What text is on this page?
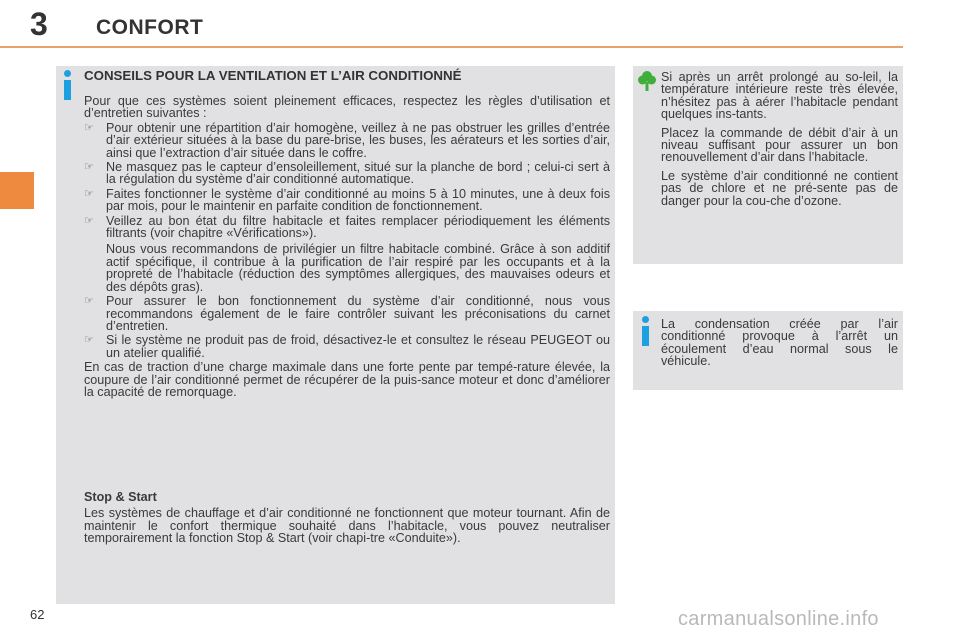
3 CONFORT
CONSEILS POUR LA VENTILATION ET L’AIR CONDITIONNÉ

Pour que ces systèmes soient pleinement efficaces, respectez les règles d’utilisation et d’entretien suivantes :

☞ Pour obtenir une répartition d’air homogène, veillez à ne pas obstruer les grilles d’entrée d’air extérieur situées à la base du pare-brise, les buses, les aérateurs et les sorties d’air, ainsi que l’extraction d’air située dans le coffre.
☞ Ne masquez pas le capteur d’ensoleillement, situé sur la planche de bord ; celui-ci sert à la régulation du système d’air conditionné automatique.
☞ Faites fonctionner le système d’air conditionné au moins 5 à 10 minutes, une à deux fois par mois, pour le maintenir en parfaite condition de fonctionnement.
☞ Veillez au bon état du filtre habitacle et faites remplacer périodiquement les éléments filtrants (voir chapitre «Vérifications»).
Nous vous recommandons de privilégier un filtre habitacle combiné. Grâce à son additif actif spécifique, il contribue à la purification de l’air respiré par les occupants et à la propreté de l’habitacle (réduction des symptômes allergiques, des mauvaises odeurs et des dépôts gras).
☞ Pour assurer le bon fonctionnement du système d’air conditionné, nous vous recommandons également de le faire contrôler suivant les préconisations du carnet d’entretien.
☞ Si le système ne produit pas de froid, désactivez-le et consultez le réseau PEUGEOT ou un atelier qualifié.

En cas de traction d’une charge maximale dans une forte pente par tempé-rature élevée, la coupure de l’air conditionné permet de récupérer de la puis-sance moteur et donc d’améliorer la capacité de remorquage.

Stop & Start

Les systèmes de chauffage et d’air conditionné ne fonctionnent que moteur tournant. Afin de maintenir le confort thermique souhaité dans l’habitacle, vous pouvez neutraliser temporairement la fonction Stop & Start (voir chapi-tre «Conduite»).

Si après un arrêt prolongé au so-leil, la température intérieure reste très élevée, n’hésitez pas à aérer l’habitacle pendant quelques ins-tants.

Placez la commande de débit d’air à un niveau suffisant pour assurer un bon renouvellement d’air dans l’habitacle.

Le système d’air conditionné ne contient pas de chlore et ne pré-sente pas de danger pour la cou-che d’ozone.

La condensation créée par l’air conditionné provoque à l’arrêt un écoulement d’eau normal sous le véhicule.

62	carmanualsonline.info
